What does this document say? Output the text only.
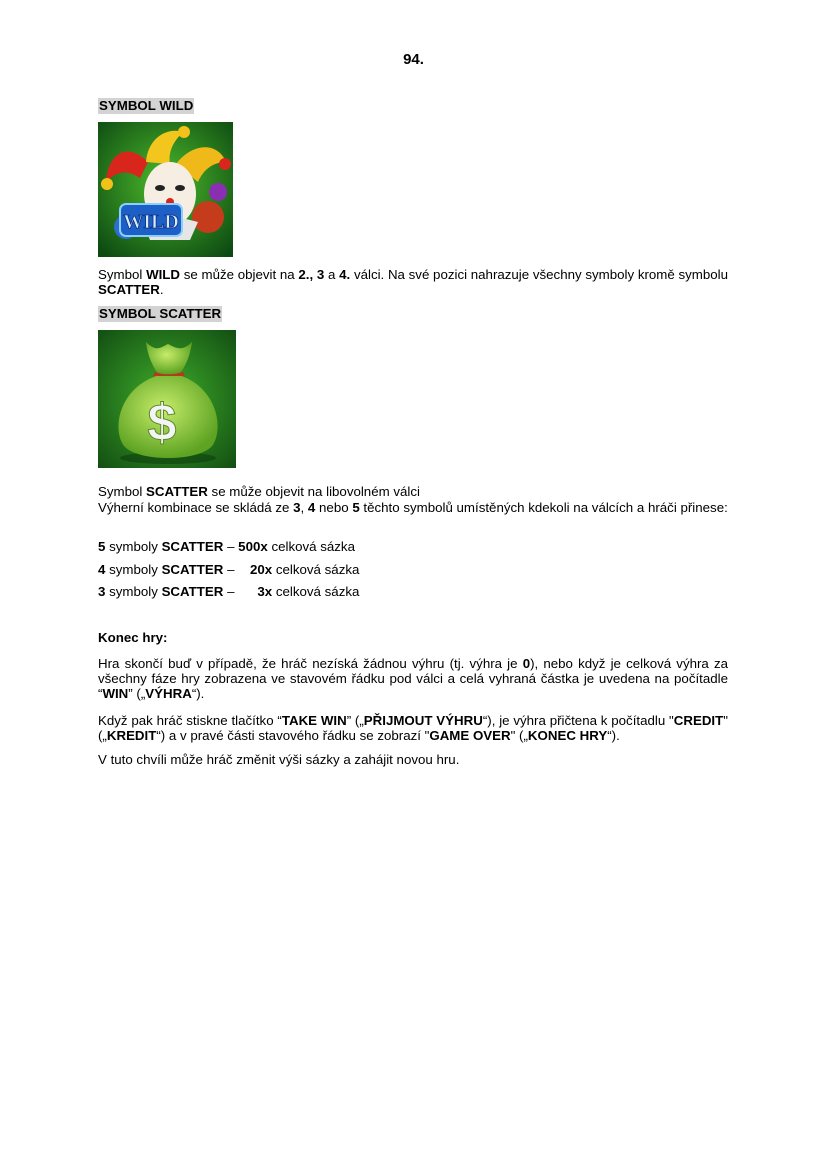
94.
SYMBOL WILD
WILD
Symbol WILD se může objevit na 2., 3 a 4. válci. Na své pozici nahrazuje všechny symboly kromě symbolu SCATTER.
SYMBOL SCATTER
$
Symbol SCATTER se může objevit na libovolném válci
Výherní kombinace se skládá ze 3, 4 nebo 5 těchto symbolů umístěných kdekoli na válcích a hráči přinese:
5 symboly SCATTER – 500x celková sázka
4 symboly SCATTER – 20x celková sázka
3 symboly SCATTER – 3x celková sázka
Konec hry:
Hra skončí buď v případě, že hráč nezíská žádnou výhru (tj. výhra je 0), nebo když je celková výhra za všechny fáze hry zobrazena ve stavovém řádku pod válci a celá vyhraná částka je uvedena na počítadle “WIN” („VÝHRA“).
Když pak hráč stiskne tlačítko “TAKE WIN” („PŘIJMOUT VÝHRU“), je výhra přičtena k počítadlu "CREDIT" („KREDIT“) a v pravé části stavového řádku se zobrazí "GAME OVER" („KONEC HRY“).
V tuto chvíli může hráč změnit výši sázky a zahájit novou hru.
